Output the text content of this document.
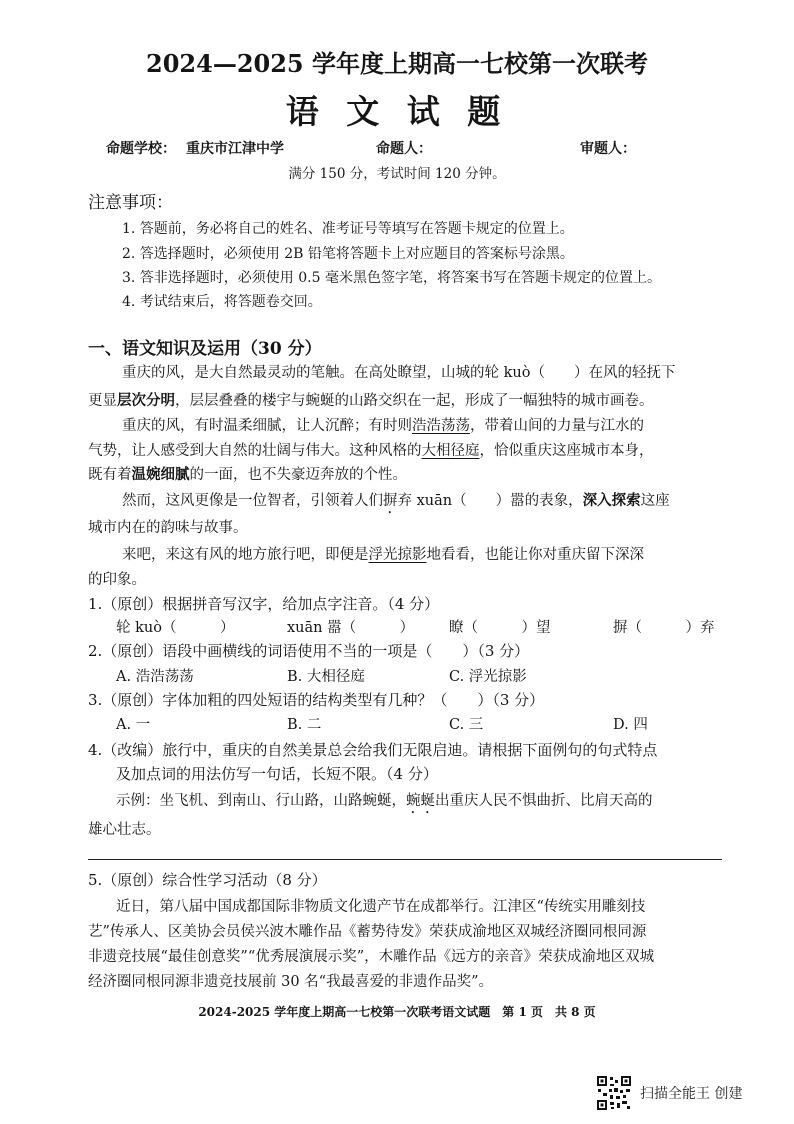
2024—2025 学年度上期高一七校第一次联考
语 文 试 题
命题学校： 重庆市江津中学	命题人：	审题人：
满分 150 分，考试时间 120 分钟。
注意事项：
1. 答题前，务必将自己的姓名、准考证号等填写在答题卡规定的位置上。
2. 答选择题时，必须使用 2B 铅笔将答题卡上对应题目的答案标号涂黑。
3. 答非选择题时，必须使用 0.5 毫米黑色签字笔，将答案书写在答题卡规定的位置上。
4. 考试结束后，将答题卷交回。
一、语文知识及运用（30 分）
重庆的风，是大自然最灵动的笔触。在高处瞭望，山城的轮 kuò（　　）在风的轻抚下
更显层次分明，层层叠叠的楼宇与蜿蜒的山路交织在一起，形成了一幅独特的城市画卷。
重庆的风，有时温柔细腻，让人沉醉；有时则浩浩荡荡，带着山间的力量与江水的
气势，让人感受到大自然的壮阔与伟大。这种风格的大相径庭，恰似重庆这座城市本身，
既有着温婉细腻的一面，也不失豪迈奔放的个性。
然而，这风更像是一位智者，引领着人们摒弃 xuān（　　）嚣的表象，深入探索这座
城市内在的韵味与故事。
来吧，来这有风的地方旅行吧，即便是浮光掠影地看看，也能让你对重庆留下深深
的印象。
1.（原创）根据拼音写汉字，给加点字注音。（4 分）
轮 kuò（　　　）	xuān 嚣（　　　） 瞭（　　　）望	摒（　　　）弃
2.（原创）语段中画横线的词语使用不当的一项是（　　）（3 分）
A. 浩浩荡荡	B. 大相径庭	C. 浮光掠影
3.（原创）字体加粗的四处短语的结构类型有几种？（　　）（3 分）
A. 一	B. 二	C. 三	D. 四
4.（改编）旅行中，重庆的自然美景总会给我们无限启迪。请根据下面例句的句式特点
及加点词的用法仿写一句话，长短不限。（4 分）
示例：坐飞机、到南山、行山路，山路蜿蜒，蜿蜒出重庆人民不惧曲折、比肩天高的
雄心壮志。
5.（原创）综合性学习活动（8 分）
近日，第八届中国成都国际非物质文化遗产节在成都举行。江津区“传统实用雕刻技
艺”传承人、区美协会员侯兴波木雕作品《蓄势待发》荣获成渝地区双城经济圈同根同源
非遗竞技展“最佳创意奖”“优秀展演展示奖”，木雕作品《远方的亲音》荣获成渝地区双城
经济圈同根同源非遗竞技展前 30 名“我最喜爱的非遗作品奖”。
2024-2025 学年度上期高一七校第一次联考语文试题　第 1 页　共 8 页
扫描全能王 创建
